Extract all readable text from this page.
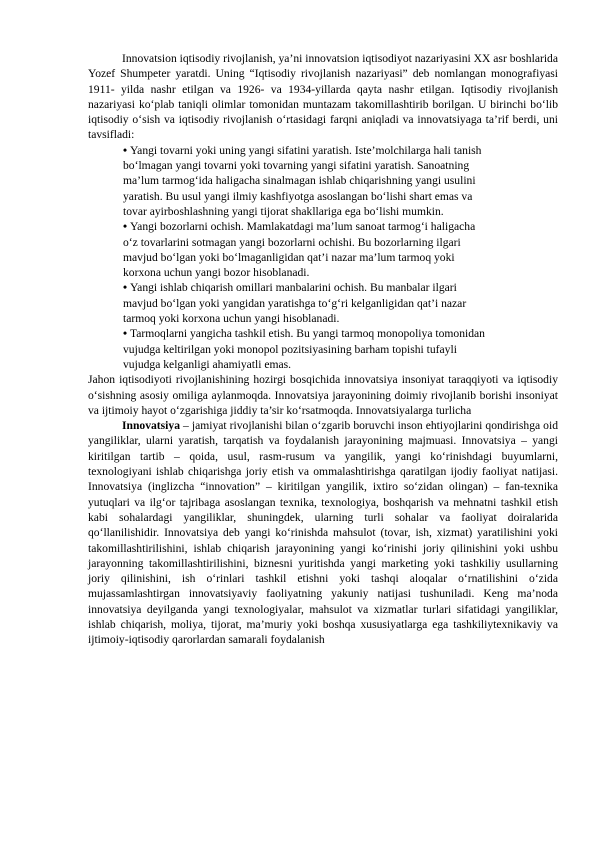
Innovatsion iqtisodiy rivojlanish, ya’ni innovatsion iqtisodiyot nazariyasini XX asr boshlarida Yozef Shumpeter yaratdi. Uning “Iqtisodiy rivojlanish nazariyasi” deb nomlangan monografiyasi 1911- yilda nashr etilgan va 1926- va 1934-yillarda qayta nashr etilgan. Iqtisodiy rivojlanish nazariyasi ko‘plab taniqli olimlar tomonidan muntazam takomillashtirib borilgan. U birinchi bo‘lib iqtisodiy o‘sish va iqtisodiy rivojlanish o‘rtasidagi farqni aniqladi va innovatsiyaga ta’rif berdi, uni tavsifladi:

• Yangi tovarni yoki uning yangi sifatini yaratish. Iste’molchilarga hali tanish bo‘lmagan yangi tovarni yoki tovarning yangi sifatini yaratish. Sanoatning ma’lum tarmog‘ida haligacha sinalmagan ishlab chiqarishning yangi usulini yaratish. Bu usul yangi ilmiy kashfiyotga asoslangan bo‘lishi shart emas va tovar ayirboshlashning yangi tijorat shakllariga ega bo‘lishi mumkin.
• Yangi bozorlarni ochish. Mamlakatdagi ma’lum sanoat tarmog‘i haligacha o‘z tovarlarini sotmagan yangi bozorlarni ochishi. Bu bozorlarning ilgari mavjud bo‘lgan yoki bo‘lmaganligidan qat’i nazar ma’lum tarmoq yoki korxona uchun yangi bozor hisoblanadi.
• Yangi ishlab chiqarish omillari manbalarini ochish. Bu manbalar ilgari mavjud bo‘lgan yoki yangidan yaratishga to‘g‘ri kelganligidan qat’i nazar tarmoq yoki korxona uchun yangi hisoblanadi.
• Tarmoqlarni yangicha tashkil etish. Bu yangi tarmoq monopoliya tomonidan vujudga keltirilgan yoki monopol pozitsiyasining barham topishi tufayli vujudga kelganligi ahamiyatli emas.

Jahon iqtisodiyoti rivojlanishining hozirgi bosqichida innovatsiya insoniyat taraqqiyoti va iqtisodiy o‘sishning asosiy omiliga aylanmoqda. Innovatsiya jarayonining doimiy rivojlanib borishi insoniyat va ijtimoiy hayot o‘zgarishiga jiddiy ta’sir ko‘rsatmoqda. Innovatsiyalarga turlicha

Innovatsiya – jamiyat rivojlanishi bilan o‘zgarib boruvchi inson ehtiyojlarini qondirishga oid yangiliklar, ularni yaratish, tarqatish va foydalanish jarayonining majmuasi. Innovatsiya – yangi kiritilgan tartib – qoida, usul, rasm-rusum va yangilik, yangi ko‘rinishdagi buyumlarni, texnologiyani ishlab chiqarishga joriy etish va ommalashtirishga qaratilgan ijodiy faoliyat natijasi. Innovatsiya (inglizcha “innovation” – kiritilgan yangilik, ixtiro so‘zidan olingan) – fan-texnika yutuqlari va ilg‘or tajribaga asoslangan texnika, texnologiya, boshqarish va mehnatni tashkil etish kabi sohalardagi yangiliklar, shuningdek, ularning turli sohalar va faoliyat doiralarida qo‘llanilishidir. Innovatsiya deb yangi ko‘rinishda mahsulot (tovar, ish, xizmat) yaratilishini yoki takomillashtirilishini, ishlab chiqarish jarayonining yangi ko‘rinishi joriy qilinishini yoki ushbu jarayonning takomillashtirilishini, biznesni yuritishda yangi marketing yoki tashkiliy usullarning joriy qilinishini, ish o‘rinlari tashkil etishni yoki tashqi aloqalar o‘rnatilishini o‘zida mujassamlashtirgan innovatsiyaviy faoliyatning yakuniy natijasi tushuniladi. Keng ma’noda innovatsiya deyilganda yangi texnologiyalar, mahsulot va xizmatlar turlari sifatidagi yangiliklar, ishlab chiqarish, moliya, tijorat, ma’muriy yoki boshqa xususiyatlarga ega tashkiliytexnikaviy va ijtimoiy-iqtisodiy qarorlardan samarali foydalanish
